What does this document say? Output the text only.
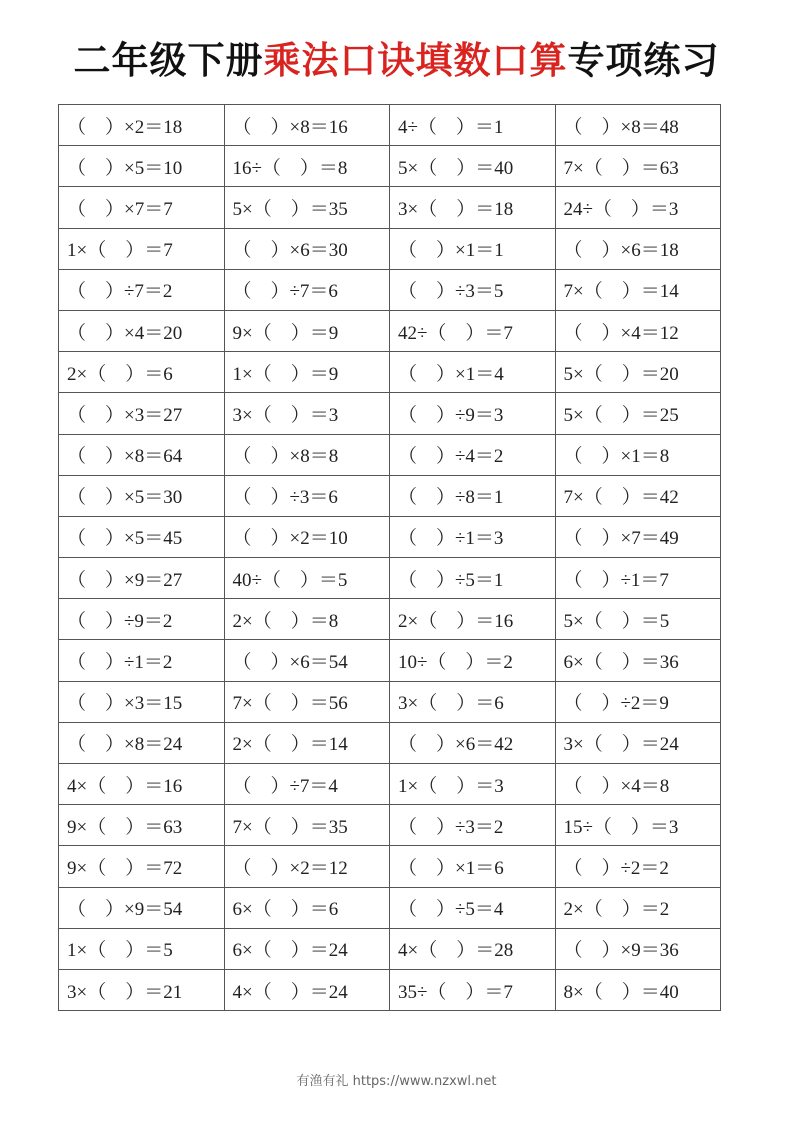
二年级下册乘法口诀填数口算专项练习
（　）×2＝18	（　）×8＝16	4÷（　）＝1	（　）×8＝48
（　）×5＝10	16÷（　）＝8	5×（　）＝40	7×（　）＝63
（　）×7＝7	5×（　）＝35	3×（　）＝18	24÷（　）＝3
1×（　）＝7	（　）×6＝30	（　）×1＝1	（　）×6＝18
（　）÷7＝2	（　）÷7＝6	（　）÷3＝5	7×（　）＝14
（　）×4＝20	9×（　）＝9	42÷（　）＝7	（　）×4＝12
2×（　）＝6	1×（　）＝9	（　）×1＝4	5×（　）＝20
（　）×3＝27	3×（　）＝3	（　）÷9＝3	5×（　）＝25
（　）×8＝64	（　）×8＝8	（　）÷4＝2	（　）×1＝8
（　）×5＝30	（　）÷3＝6	（　）÷8＝1	7×（　）＝42
（　）×5＝45	（　）×2＝10	（　）÷1＝3	（　）×7＝49
（　）×9＝27	40÷（　）＝5	（　）÷5＝1	（　）÷1＝7
（　）÷9＝2	2×（　）＝8	2×（　）＝16	5×（　）＝5
（　）÷1＝2	（　）×6＝54	10÷（　）＝2	6×（　）＝36
（　）×3＝15	7×（　）＝56	3×（　）＝6	（　）÷2＝9
（　）×8＝24	2×（　）＝14	（　）×6＝42	3×（　）＝24
4×（　）＝16	（　）÷7＝4	1×（　）＝3	（　）×4＝8
9×（　）＝63	7×（　）＝35	（　）÷3＝2	15÷（　）＝3
9×（　）＝72	（　）×2＝12	（　）×1＝6	（　）÷2＝2
（　）×9＝54	6×（　）＝6	（　）÷5＝4	2×（　）＝2
1×（　）＝5	6×（　）＝24	4×（　）＝28	（　）×9＝36
3×（　）＝21	4×（　）＝24	35÷（　）＝7	8×（　）＝40
有渔有礼 https://www.nzxwl.net
